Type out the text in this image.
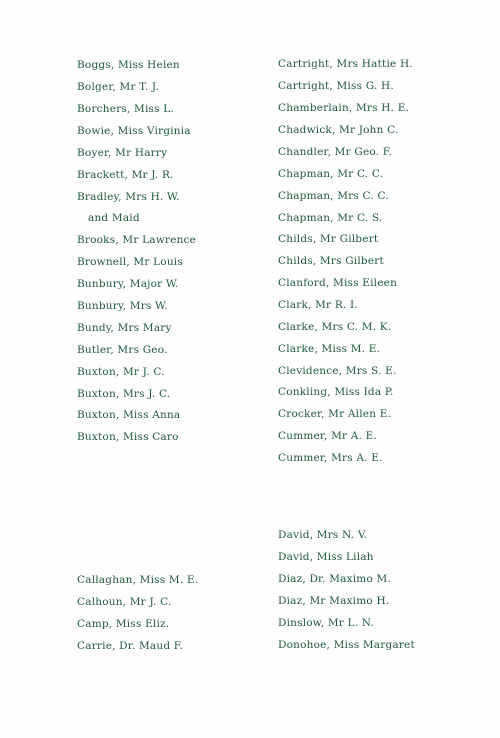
Boggs, Miss Helen
Bolger, Mr T. J.
Borchers, Miss L.
Bowie, Miss Virginia
Boyer, Mr Harry
Brackett, Mr J. R.
Bradley, Mrs H. W.
and Maid
Brooks, Mr Lawrence
Brownell, Mr Louis
Bunbury, Major W.
Bunbury, Mrs W.
Bundy, Mrs Mary
Butler, Mrs Geo.
Buxton, Mr J. C.
Buxton, Mrs J. C.
Buxton, Miss Anna
Buxton, Miss Caro
Callaghan, Miss M. E.
Calhoun, Mr J. C.
Camp, Miss Eliz.
Carrie, Dr. Maud F.
Cartright, Mrs Hattie H.
Cartright, Miss G. H.
Chamberlain, Mrs H. E.
Chadwick, Mr John C.
Chandler, Mr Geo. F.
Chapman, Mr C. C.
Chapman, Mrs C. C.
Chapman, Mr C. S.
Childs, Mr Gilbert
Childs, Mrs Gilbert
Clanford, Miss Eileen
Clark, Mr R. I.
Clarke, Mrs C. M. K.
Clarke, Miss M. E.
Clevidence, Mrs S. E.
Conkling, Miss Ida P.
Crocker, Mr Allen E.
Cummer, Mr A. E.
Cummer, Mrs A. E.
David, Mrs N. V.
David, Miss Lilah
Diaz, Dr. Maximo M.
Diaz, Mr Maximo H.
Dinslow, Mr L. N.
Donohoe, Miss Margaret
